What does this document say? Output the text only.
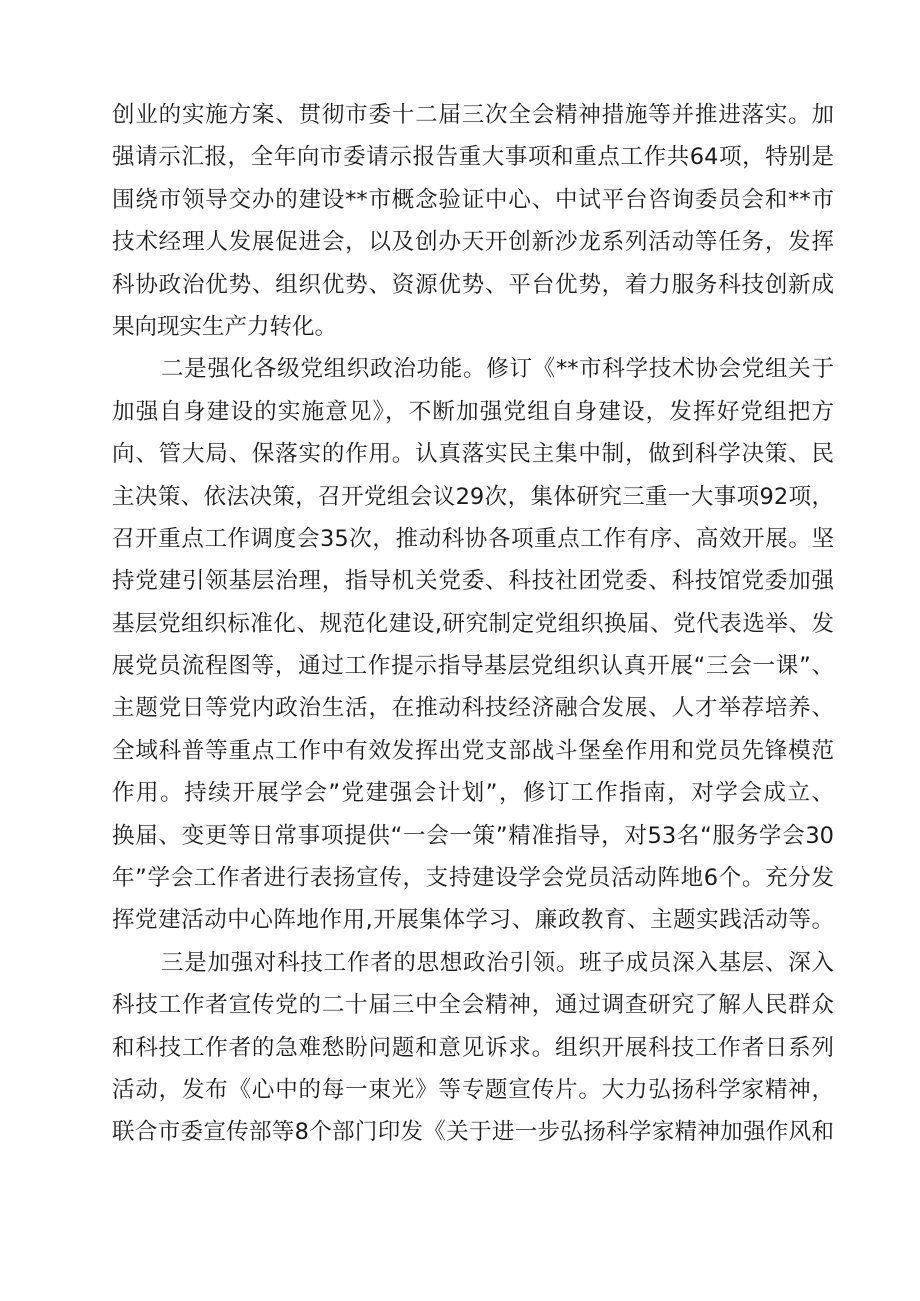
创业的实施方案、贯彻市委十二届三次全会精神措施等并推进落实。加
强请示汇报，全年向市委请示报告重大事项和重点工作共64项，特别是
围绕市领导交办的建设**市概念验证中心、中试平台咨询委员会和**市
技术经理人发展促进会，以及创办天开创新沙龙系列活动等任务，发挥
科协政治优势、组织优势、资源优势、平台优势，着力服务科技创新成
果向现实生产力转化。
二是强化各级党组织政治功能。修订《**市科学技术协会党组关于
加强自身建设的实施意见》，不断加强党组自身建设，发挥好党组把方
向、管大局、保落实的作用。认真落实民主集中制，做到科学决策、民
主决策、依法决策，召开党组会议29次，集体研究三重一大事项92项，
召开重点工作调度会35次，推动科协各项重点工作有序、高效开展。坚
持党建引领基层治理，指导机关党委、科技社团党委、科技馆党委加强
基层党组织标准化、规范化建设,研究制定党组织换届、党代表选举、发
展党员流程图等，通过工作提示指导基层党组织认真开展“三会一课”、
主题党日等党内政治生活，在推动科技经济融合发展、人才举荐培养、
全域科普等重点工作中有效发挥出党支部战斗堡垒作用和党员先锋模范
作用。持续开展学会”党建强会计划”，修订工作指南，对学会成立、
换届、变更等日常事项提供“一会一策”精准指导，对53名“服务学会30
年”学会工作者进行表扬宣传，支持建设学会党员活动阵地6个。充分发
挥党建活动中心阵地作用,开展集体学习、廉政教育、主题实践活动等。
三是加强对科技工作者的思想政治引领。班子成员深入基层、深入
科技工作者宣传党的二十届三中全会精神，通过调查研究了解人民群众
和科技工作者的急难愁盼问题和意见诉求。组织开展科技工作者日系列
活动，发布《心中的每一束光》等专题宣传片。大力弘扬科学家精神，
联合市委宣传部等8个部门印发《关于进一步弘扬科学家精神加强作风和
